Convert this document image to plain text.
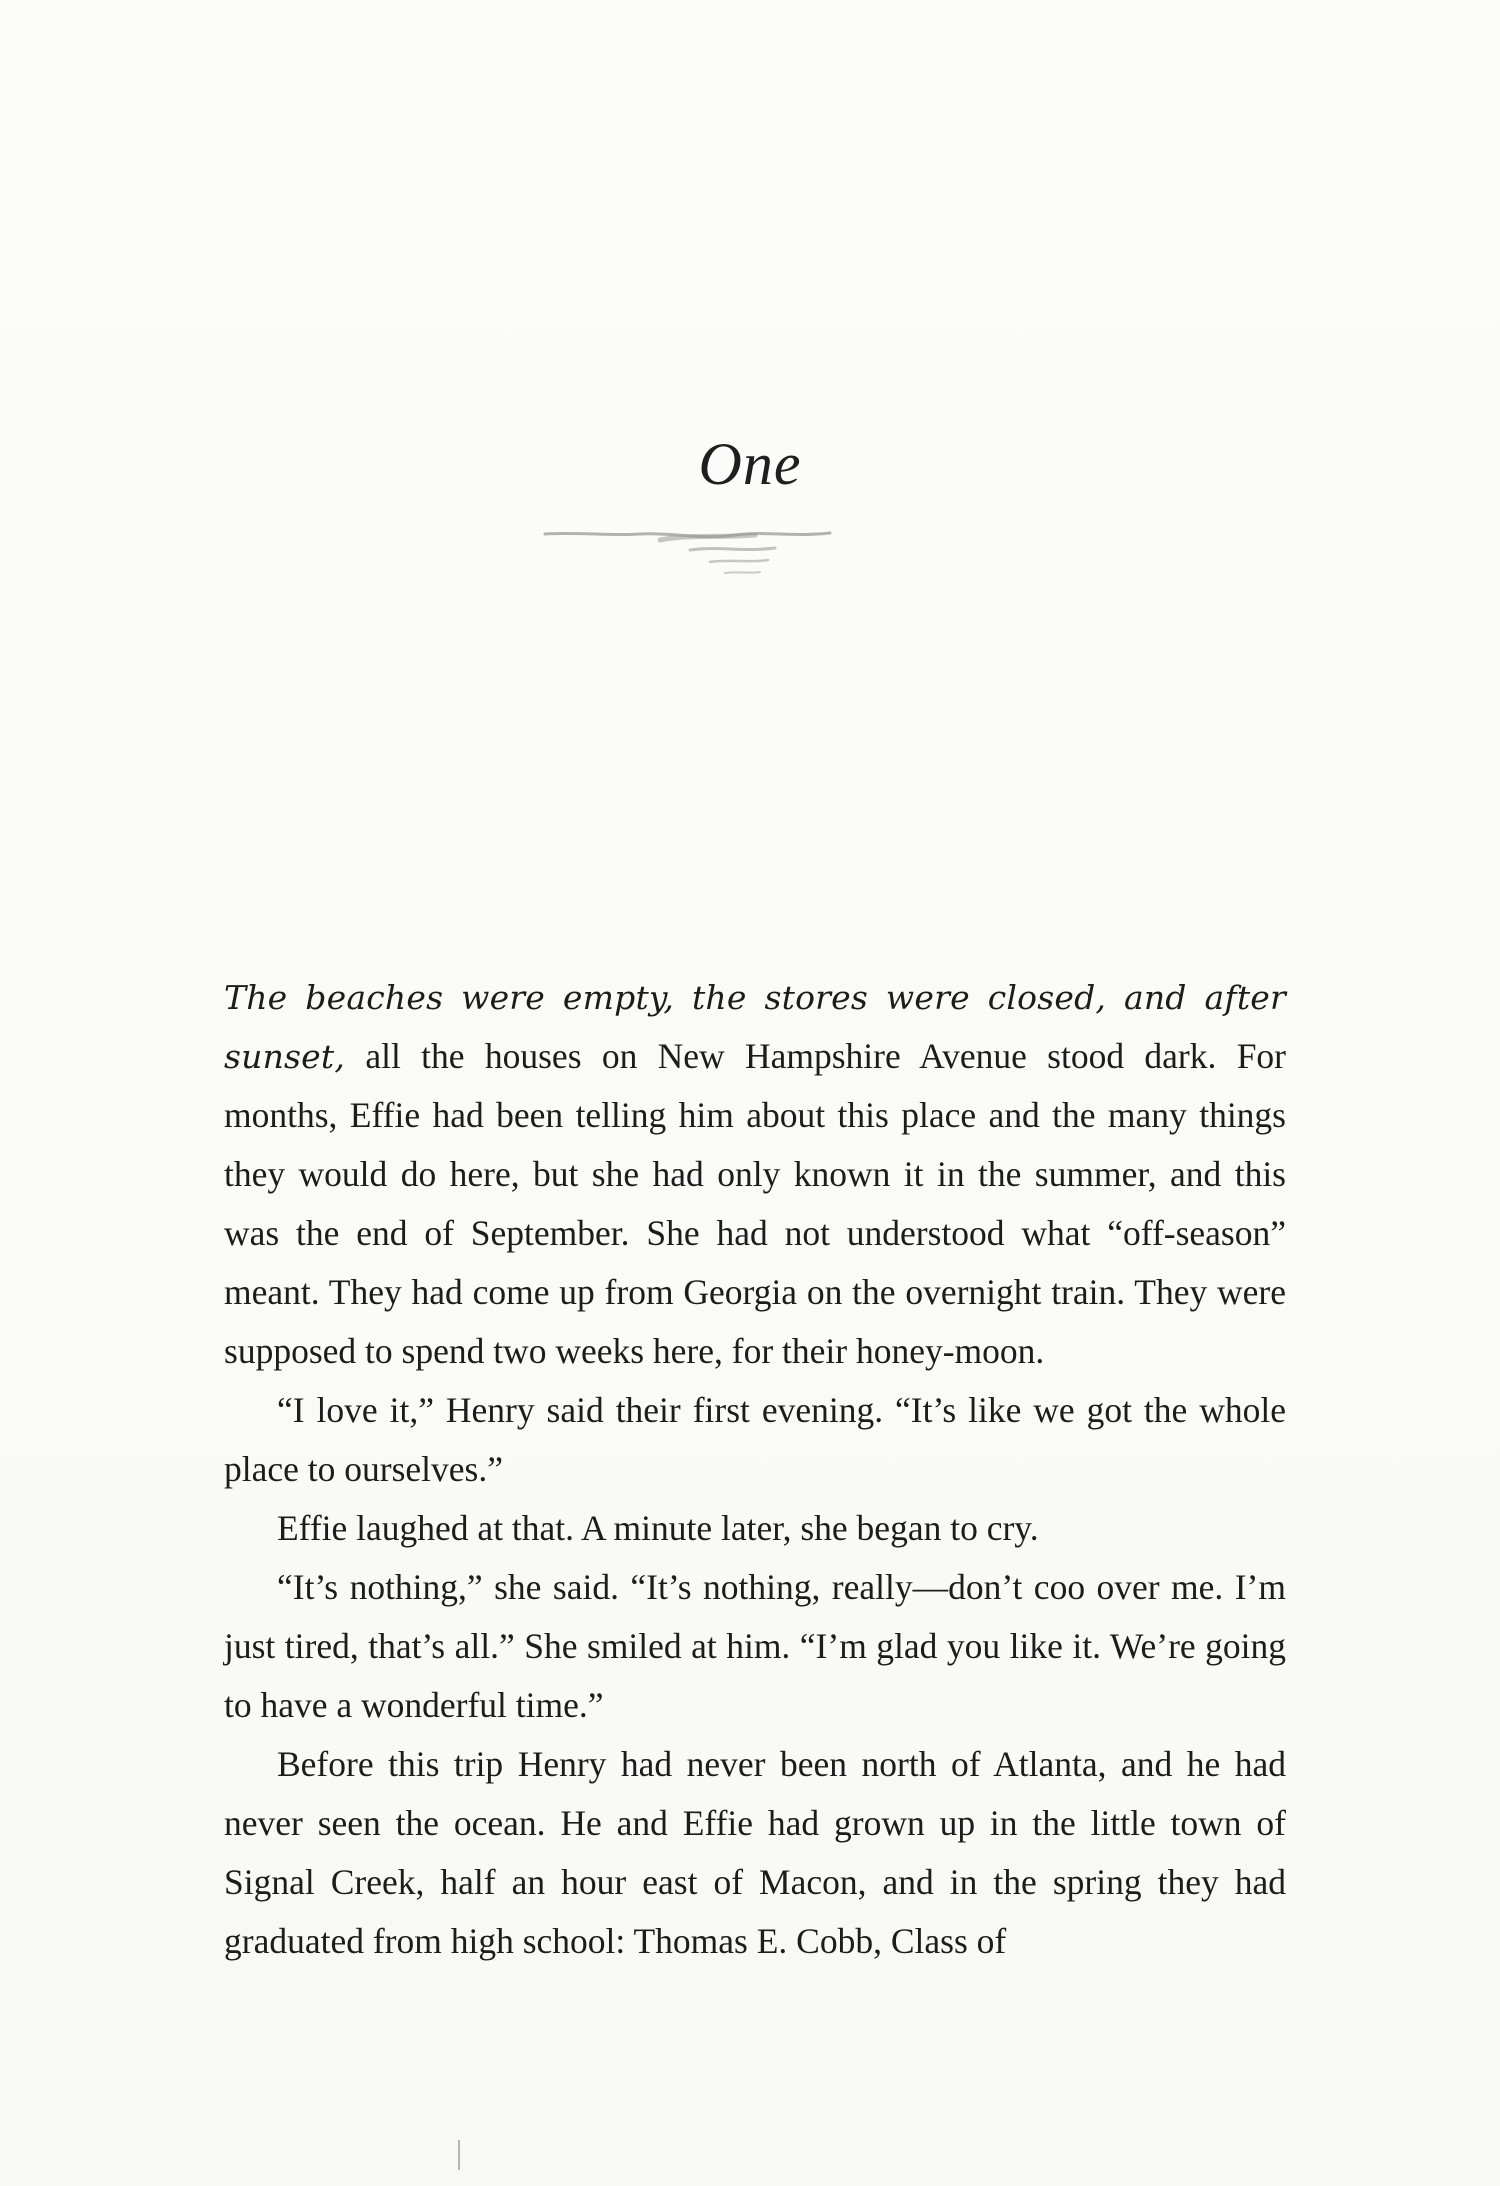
One

The beaches were empty, the stores were closed, and after sunset, all the houses on New Hampshire Avenue stood dark. For months, Effie had been telling him about this place and the many things they would do here, but she had only known it in the summer, and this was the end of September. She had not understood what “off-season” meant. They had come up from Georgia on the overnight train. They were supposed to spend two weeks here, for their honey-moon.

“I love it,” Henry said their first evening. “It’s like we got the whole place to ourselves.”

Effie laughed at that. A minute later, she began to cry.

“It’s nothing,” she said. “It’s nothing, really—don’t coo over me. I’m just tired, that’s all.” She smiled at him. “I’m glad you like it. We’re going to have a wonderful time.”

Before this trip Henry had never been north of Atlanta, and he had never seen the ocean. He and Effie had grown up in the little town of Signal Creek, half an hour east of Macon, and in the spring they had graduated from high school: Thomas E. Cobb, Class of
